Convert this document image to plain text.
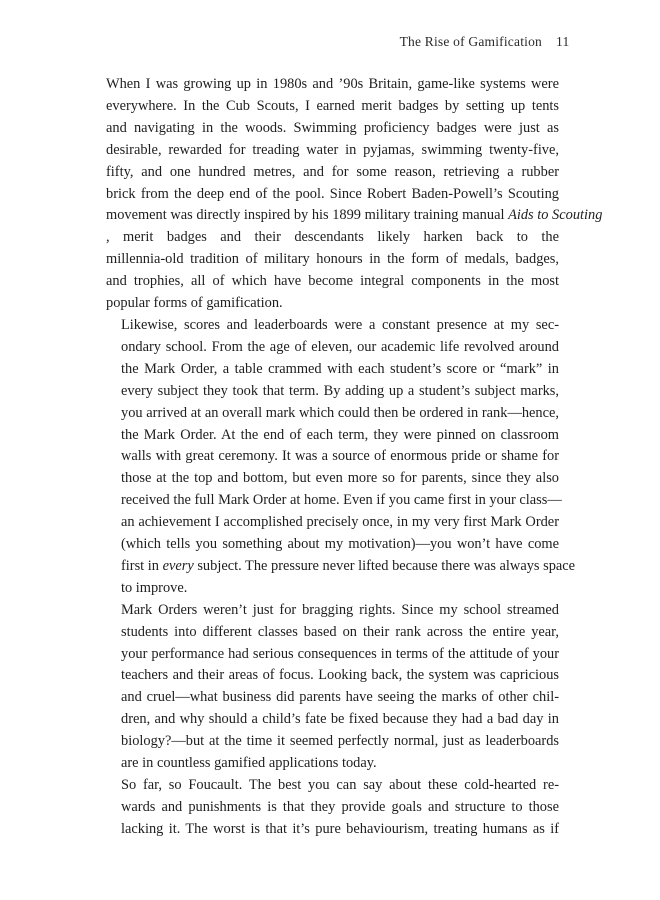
The Rise of Gamification 11
When I was growing up in 1980s and ’90s Britain, game-like systems were
everywhere. In the Cub Scouts, I earned merit badges by setting up tents
and navigating in the woods. Swimming proficiency badges were just as
desirable, rewarded for treading water in pyjamas, swimming twenty-five,
fifty, and one hundred metres, and for some reason, retrieving a rubber
brick from the deep end of the pool. Since Robert Baden-Powell’s Scouting
movement was directly inspired by his 1899 military training manual Aids to Scouting
, merit badges and their descendants likely harken back to the
millennia-old tradition of military honours in the form of medals, badges,
and trophies, all of which have become integral components in the most
popular forms of gamification.
Likewise, scores and leaderboards were a constant presence at my sec-
ondary school. From the age of eleven, our academic life revolved around
the Mark Order, a table crammed with each student’s score or “mark” in
every subject they took that term. By adding up a student’s subject marks,
you arrived at an overall mark which could then be ordered in rank—hence,
the Mark Order. At the end of each term, they were pinned on classroom
walls with great ceremony. It was a source of enormous pride or shame for
those at the top and bottom, but even more so for parents, since they also
received the full Mark Order at home. Even if you came first in your class—
an achievement I accomplished precisely once, in my very first Mark Order
(which tells you something about my motivation)—you won’t have come
first in every subject. The pressure never lifted because there was always space
to improve.
Mark Orders weren’t just for bragging rights. Since my school streamed
students into different classes based on their rank across the entire year,
your performance had serious consequences in terms of the attitude of your
teachers and their areas of focus. Looking back, the system was capricious
and cruel—what business did parents have seeing the marks of other chil-
dren, and why should a child’s fate be fixed because they had a bad day in
biology?—but at the time it seemed perfectly normal, just as leaderboards
are in countless gamified applications today.
So far, so Foucault. The best you can say about these cold-hearted re-
wards and punishments is that they provide goals and structure to those
lacking it. The worst is that it’s pure behaviourism, treating humans as if
